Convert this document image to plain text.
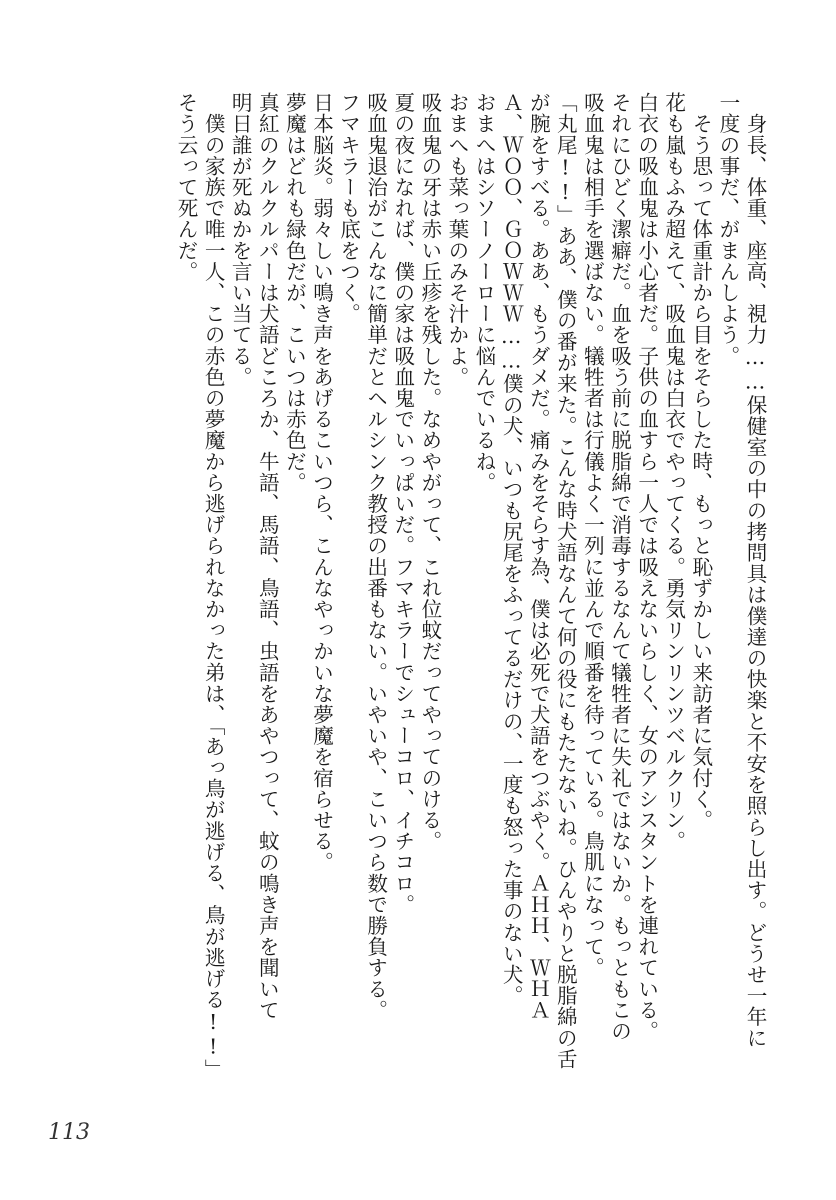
　身長、体重、座高、視力……保健室の中の拷問具は僕達の快楽と不安を照らし出す。どうせ一年に
一度の事だ、がまんしよう。
　そう思って体重計から目をそらした時、もっと恥ずかしい来訪者に気付く。
花も嵐もふみ超えて、吸血鬼は白衣でやってくる。勇気リンリンツベルクリン。
白衣の吸血鬼は小心者だ。子供の血すら一人では吸えないらしく、女のアシスタントを連れている。
それにひどく潔癖だ。血を吸う前に脱脂綿で消毒するなんて犠牲者に失礼ではないか。もっともこの
吸血鬼は相手を選ばない。犠牲者は行儀よく一列に並んで順番を待っている。鳥肌になって。
「丸尾!!」ああ、僕の番が来た。こんな時犬語なんて何の役にもたたないね。ひんやりと脱脂綿の舌
が腕をすべる。ああ、もうダメだ。痛みをそらす為、僕は必死で犬語をつぶやく。ＡＨＨ、ＷＨＡ
Ａ、ＷＯＯ、ＧＯＷＷＷ……僕の犬、いつも尻尾をふってるだけの、一度も怒った事のない犬。
おまへはシソーノーローに悩んでいるね。
おまへも菜っ葉のみそ汁かよ。
吸血鬼の牙は赤い丘疹を残した。なめやがって、これ位蚊だってやってのける。
夏の夜になれば、僕の家は吸血鬼でいっぱいだ。フマキラーでシューコロ、イチコロ。
吸血鬼退治がこんなに簡単だとヘルシンク教授の出番もない。いやいや、こいつら数で勝負する。
フマキラーも底をつく。
日本脳炎。弱々しい鳴き声をあげるこいつら、こんなやっかいな夢魔を宿らせる。
夢魔はどれも緑色だが、こいつは赤色だ。
真紅のクルクルパーは犬語どころか、牛語、馬語、鳥語、虫語をあやつって、蚊の鳴き声を聞いて
明日誰が死ぬかを言い当てる。
　僕の家族で唯一人、この赤色の夢魔から逃げられなかった弟は、「あっ鳥が逃げる、鳥が逃げる!!」
そう云って死んだ。
113
